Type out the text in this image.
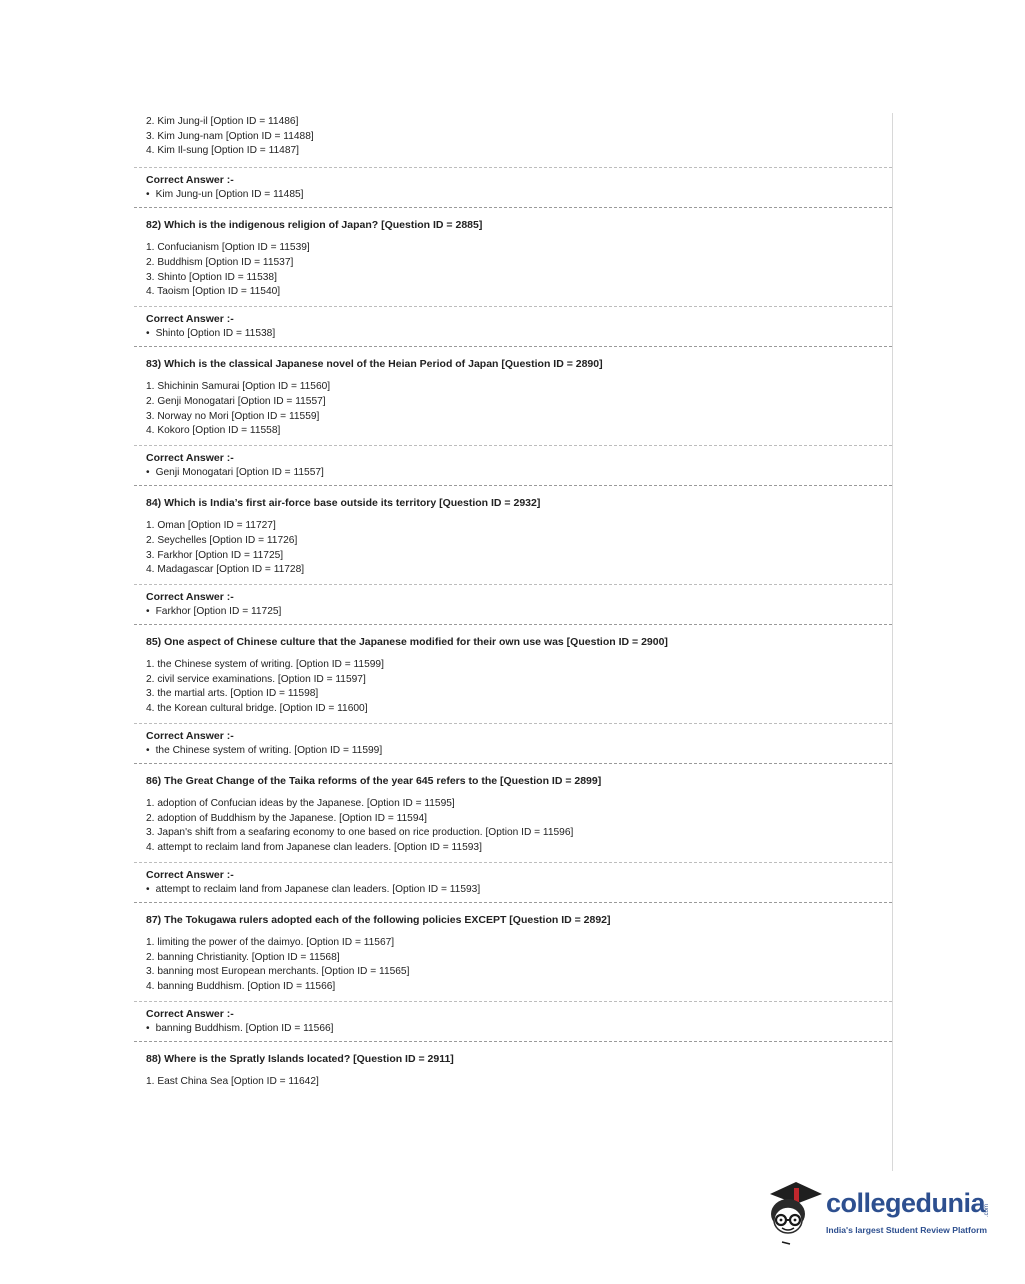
2. Kim Jung-il [Option ID = 11486]
3. Kim Jung-nam [Option ID = 11488]
4. Kim Il-sung [Option ID = 11487]
Correct Answer :-
• Kim Jung-un [Option ID = 11485]
82) Which is the indigenous religion of Japan? [Question ID = 2885]
1. Confucianism [Option ID = 11539]
2. Buddhism [Option ID = 11537]
3. Shinto [Option ID = 11538]
4. Taoism [Option ID = 11540]
Correct Answer :-
• Shinto [Option ID = 11538]
83) Which is the classical Japanese novel of the Heian Period of Japan [Question ID = 2890]
1. Shichinin Samurai [Option ID = 11560]
2. Genji Monogatari [Option ID = 11557]
3. Norway no Mori [Option ID = 11559]
4. Kokoro [Option ID = 11558]
Correct Answer :-
• Genji Monogatari [Option ID = 11557]
84) Which is India’s first air-force base outside its territory [Question ID = 2932]
1. Oman [Option ID = 11727]
2. Seychelles [Option ID = 11726]
3. Farkhor [Option ID = 11725]
4. Madagascar [Option ID = 11728]
Correct Answer :-
• Farkhor [Option ID = 11725]
85) One aspect of Chinese culture that the Japanese modified for their own use was [Question ID = 2900]
1. the Chinese system of writing. [Option ID = 11599]
2. civil service examinations. [Option ID = 11597]
3. the martial arts. [Option ID = 11598]
4. the Korean cultural bridge. [Option ID = 11600]
Correct Answer :-
• the Chinese system of writing. [Option ID = 11599]
86) The Great Change of the Taika reforms of the year 645 refers to the [Question ID = 2899]
1. adoption of Confucian ideas by the Japanese. [Option ID = 11595]
2. adoption of Buddhism by the Japanese. [Option ID = 11594]
3. Japan's shift from a seafaring economy to one based on rice production. [Option ID = 11596]
4. attempt to reclaim land from Japanese clan leaders. [Option ID = 11593]
Correct Answer :-
• attempt to reclaim land from Japanese clan leaders. [Option ID = 11593]
87) The Tokugawa rulers adopted each of the following policies EXCEPT [Question ID = 2892]
1. limiting the power of the daimyo. [Option ID = 11567]
2. banning Christianity. [Option ID = 11568]
3. banning most European merchants. [Option ID = 11565]
4. banning Buddhism. [Option ID = 11566]
Correct Answer :-
• banning Buddhism. [Option ID = 11566]
88) Where is the Spratly Islands located? [Question ID = 2911]
1. East China Sea [Option ID = 11642]
collegedunia
.com
India's largest Student Review Platform
